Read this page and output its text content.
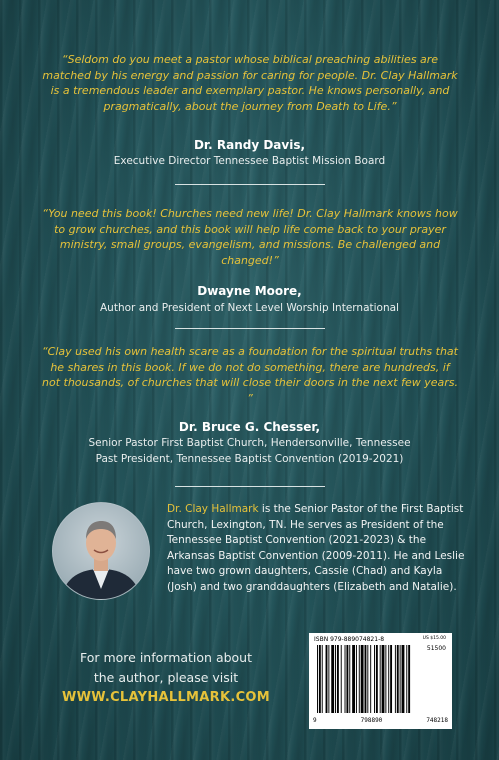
“Seldom do you meet a pastor whose biblical preaching abilities are matched by his energy and passion for caring for people. Dr. Clay Hallmark is a tremendous leader and exemplary pastor. He knows personally, and pragmatically, about the journey from Death to Life.”

Dr. Randy Davis,

Executive Director Tennessee Baptist Mission Board

“You need this book! Churches need new life! Dr. Clay Hallmark knows how to grow churches, and this book will help life come back to your prayer ministry, small groups, evangelism, and missions. Be challenged and changed!”

Dwayne Moore,

Author and President of Next Level Worship International

“Clay used his own health scare as a foundation for the spiritual truths that he shares in this book. If we do not do something, there are hundreds, if not thousands, of churches that will close their doors in the next few years. ”

Dr. Bruce G. Chesser,

Senior Pastor First Baptist Church, Hendersonville, Tennessee

Past President, Tennessee Baptist Convention (2019-2021)

Dr. Clay Hallmark is the Senior Pastor of the First Baptist Church, Lexington, TN. He serves as President of the Tennessee Baptist Convention (2021-2023) & the Arkansas Baptist Convention (2009-2011). He and Leslie have two grown daughters, Cassie (Chad) and Kayla (Josh) and two granddaughters (Elizabeth and Natalie).

For more information about
the author, please visit

WWW.CLAYHALLMARK.COM

ISBN 979-889074821-8	US $15.00
51500
9	798890	748218
